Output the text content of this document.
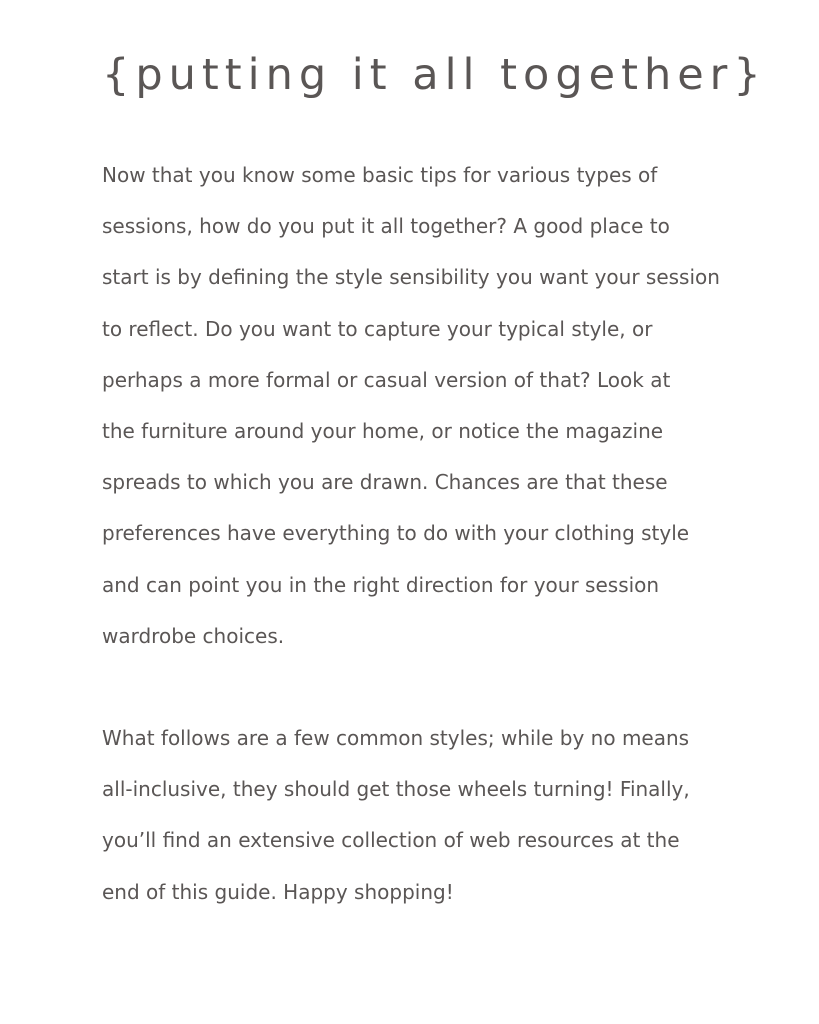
{putting it all together}
Now that you know some basic tips for various types of
sessions, how do you put it all together? A good place to
start is by defining the style sensibility you want your session
to reflect. Do you want to capture your typical style, or
perhaps a more formal or casual version of that? Look at
the furniture around your home, or notice the magazine
spreads to which you are drawn. Chances are that these
preferences have everything to do with your clothing style
and can point you in the right direction for your session
wardrobe choices.
What follows are a few common styles; while by no means
all-inclusive, they should get those wheels turning! Finally,
you’ll find an extensive collection of web resources at the
end of this guide. Happy shopping!
